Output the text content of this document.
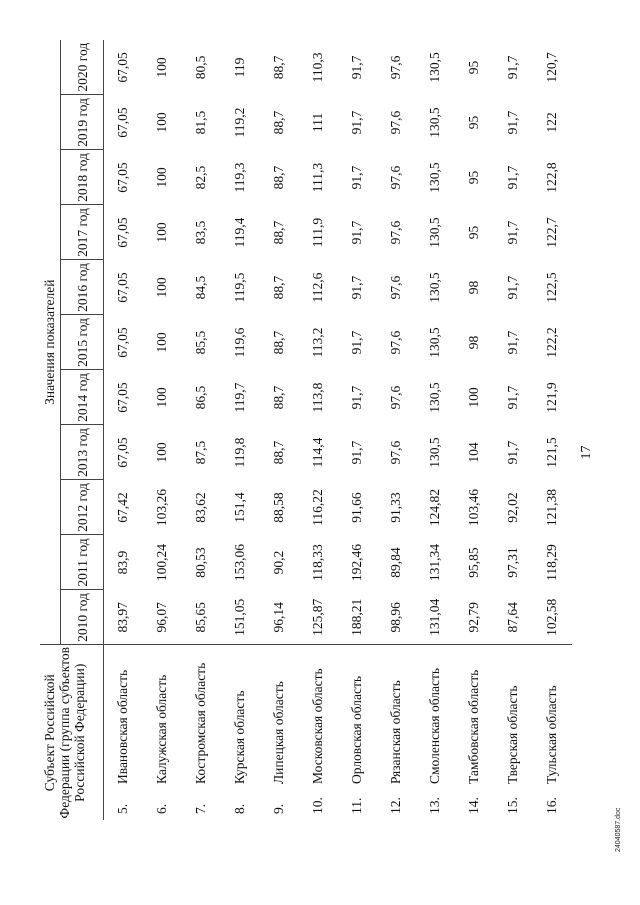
17
Субъект Российской Федерации (группа субъектов Российской Федерации)	Значения показателей										
	2010 год	2011 год	2012 год	2013 год	2014 год	2015 год	2016 год	2017 год	2018 год	2019 год	2020 год
5.Ивановская область	83,97	83,9	67,42	67,05	67,05	67,05	67,05	67,05	67,05	67,05	67,05
6.Калужская область	96,07	100,24	103,26	100	100	100	100	100	100	100	100
7.Костромская область	85,65	80,53	83,62	87,5	86,5	85,5	84,5	83,5	82,5	81,5	80,5
8.Курская область	151,05	153,06	151,4	119,8	119,7	119,6	119,5	119,4	119,3	119,2	119
9.Липецкая область	96,14	90,2	88,58	88,7	88,7	88,7	88,7	88,7	88,7	88,7	88,7
10.Московская область	125,87	118,33	116,22	114,4	113,8	113,2	112,6	111,9	111,3	111	110,3
11.Орловская область	188,21	192,46	91,66	91,7	91,7	91,7	91,7	91,7	91,7	91,7	91,7
12.Рязанская область	98,96	89,84	91,33	97,6	97,6	97,6	97,6	97,6	97,6	97,6	97,6
13.Смоленская область	131,04	131,34	124,82	130,5	130,5	130,5	130,5	130,5	130,5	130,5	130,5
14.Тамбовская область	92,79	95,85	103,46	104	100	98	98	95	95	95	95
15.Тверская область	87,64	97,31	92,02	91,7	91,7	91,7	91,7	91,7	91,7	91,7	91,7
16.Тульская область	102,58	118,29	121,38	121,5	121,9	122,2	122,5	122,7	122,8	122	120,7
24040587.doc
